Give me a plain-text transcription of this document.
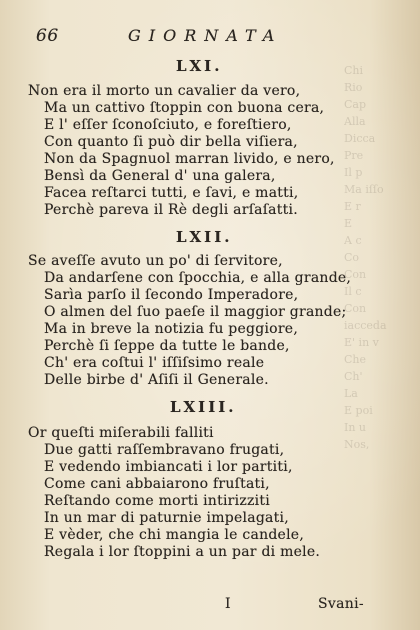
Chi
Rio
Cap
Alla
Dicca
Pre
Il p
Ma iſſo
E r
E
A c
Co
Con
Il c
Con iacceda
E' in v
Che
Ch'
La
E poi
In u
Nos,
66	GIORNATA
LXI.
Non era il morto un cavalier da vero,
Ma un cattivo ſtoppin con buona cera,
E l' eſſer ſconoſciuto, e foreſtiero,
Con quanto ſi può dir bella viſiera,
Non da Spagnuol marran livido, e nero,
Bensì da General d' una galera,
Facea reſtarci tutti, e ſavi, e matti,
Perchè pareva il Rè degli arſaſatti.
LXII.
Se aveſſe avuto un po' di ſervitore,
Da andarſene con ſpocchia, e alla grande,
Sarìa parſo il ſecondo Imperadore,
O almen del ſuo paeſe il maggior grande;
Ma in breve la notizia fu peggiore,
Perchè ſi ſeppe da tutte le bande,
Ch' era coſtui l' iſſiſsimo reale
Delle birbe d' Aſiſi il Generale.
LXIII.
Or queſti miſerabili falliti
Due gatti raſſembravano frugati,
E vedendo imbiancati i lor partiti,
Come cani abbaiarono fruſtati,
Reſtando come morti intirizziti
In un mar di paturnie impelagati,
E vèder, che chi mangia le candele,
Regala i lor ſtoppini a un par di mele.
I	Svani-
